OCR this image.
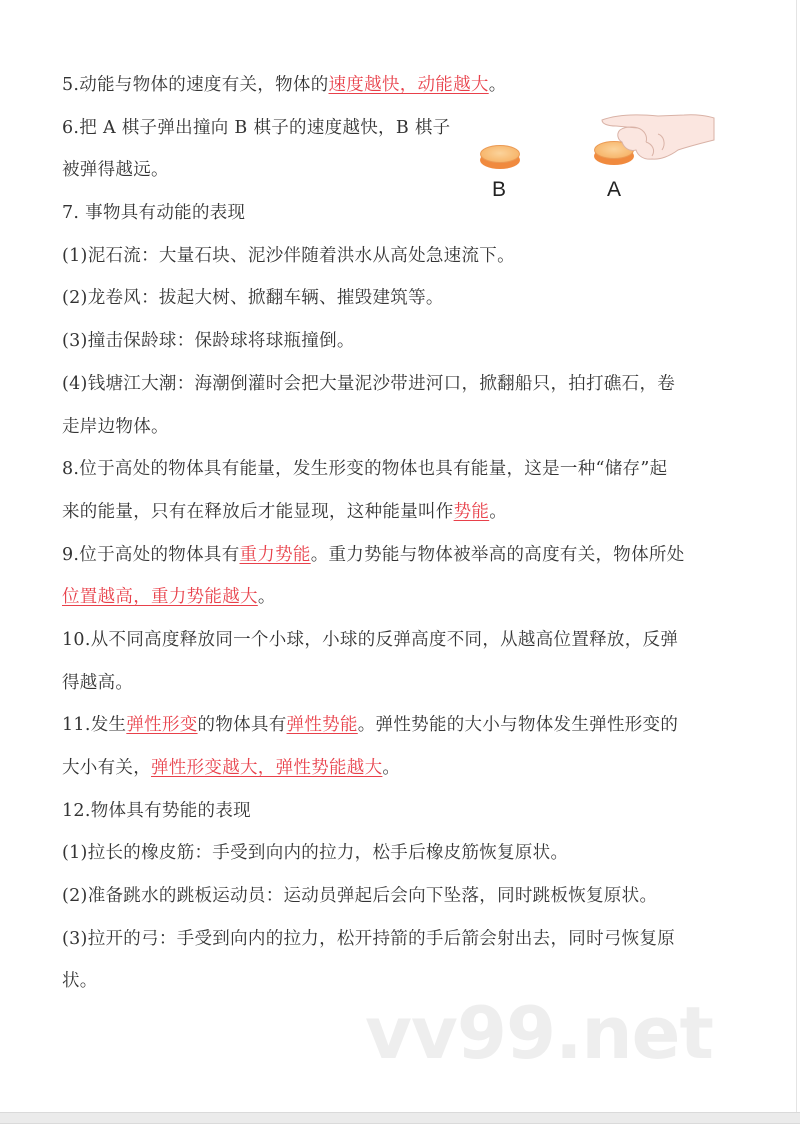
5.动能与物体的速度有关，物体的速度越快，动能越大。
6.把 A 棋子弹出撞向 B 棋子的速度越快，B 棋子
被弹得越远。
7. 事物具有动能的表现
(1)泥石流：大量石块、泥沙伴随着洪水从高处急速流下。
(2)龙卷风：拔起大树、掀翻车辆、摧毁建筑等。
(3)撞击保龄球：保龄球将球瓶撞倒。
(4)钱塘江大潮：海潮倒灌时会把大量泥沙带进河口，掀翻船只，拍打礁石，卷
走岸边物体。
8.位于高处的物体具有能量，发生形变的物体也具有能量，这是一种“储存”起
来的能量，只有在释放后才能显现，这种能量叫作势能。
9.位于高处的物体具有重力势能。重力势能与物体被举高的高度有关，物体所处
位置越高，重力势能越大。
10.从不同高度释放同一个小球，小球的反弹高度不同，从越高位置释放，反弹
得越高。
11.发生弹性形变的物体具有弹性势能。弹性势能的大小与物体发生弹性形变的
大小有关，弹性形变越大，弹性势能越大。
12.物体具有势能的表现
(1)拉长的橡皮筋：手受到向内的拉力，松手后橡皮筋恢复原状。
(2)准备跳水的跳板运动员：运动员弹起后会向下坠落，同时跳板恢复原状。
(3)拉开的弓：手受到向内的拉力，松开持箭的手后箭会射出去，同时弓恢复原
状。
B	A
vv99.net
